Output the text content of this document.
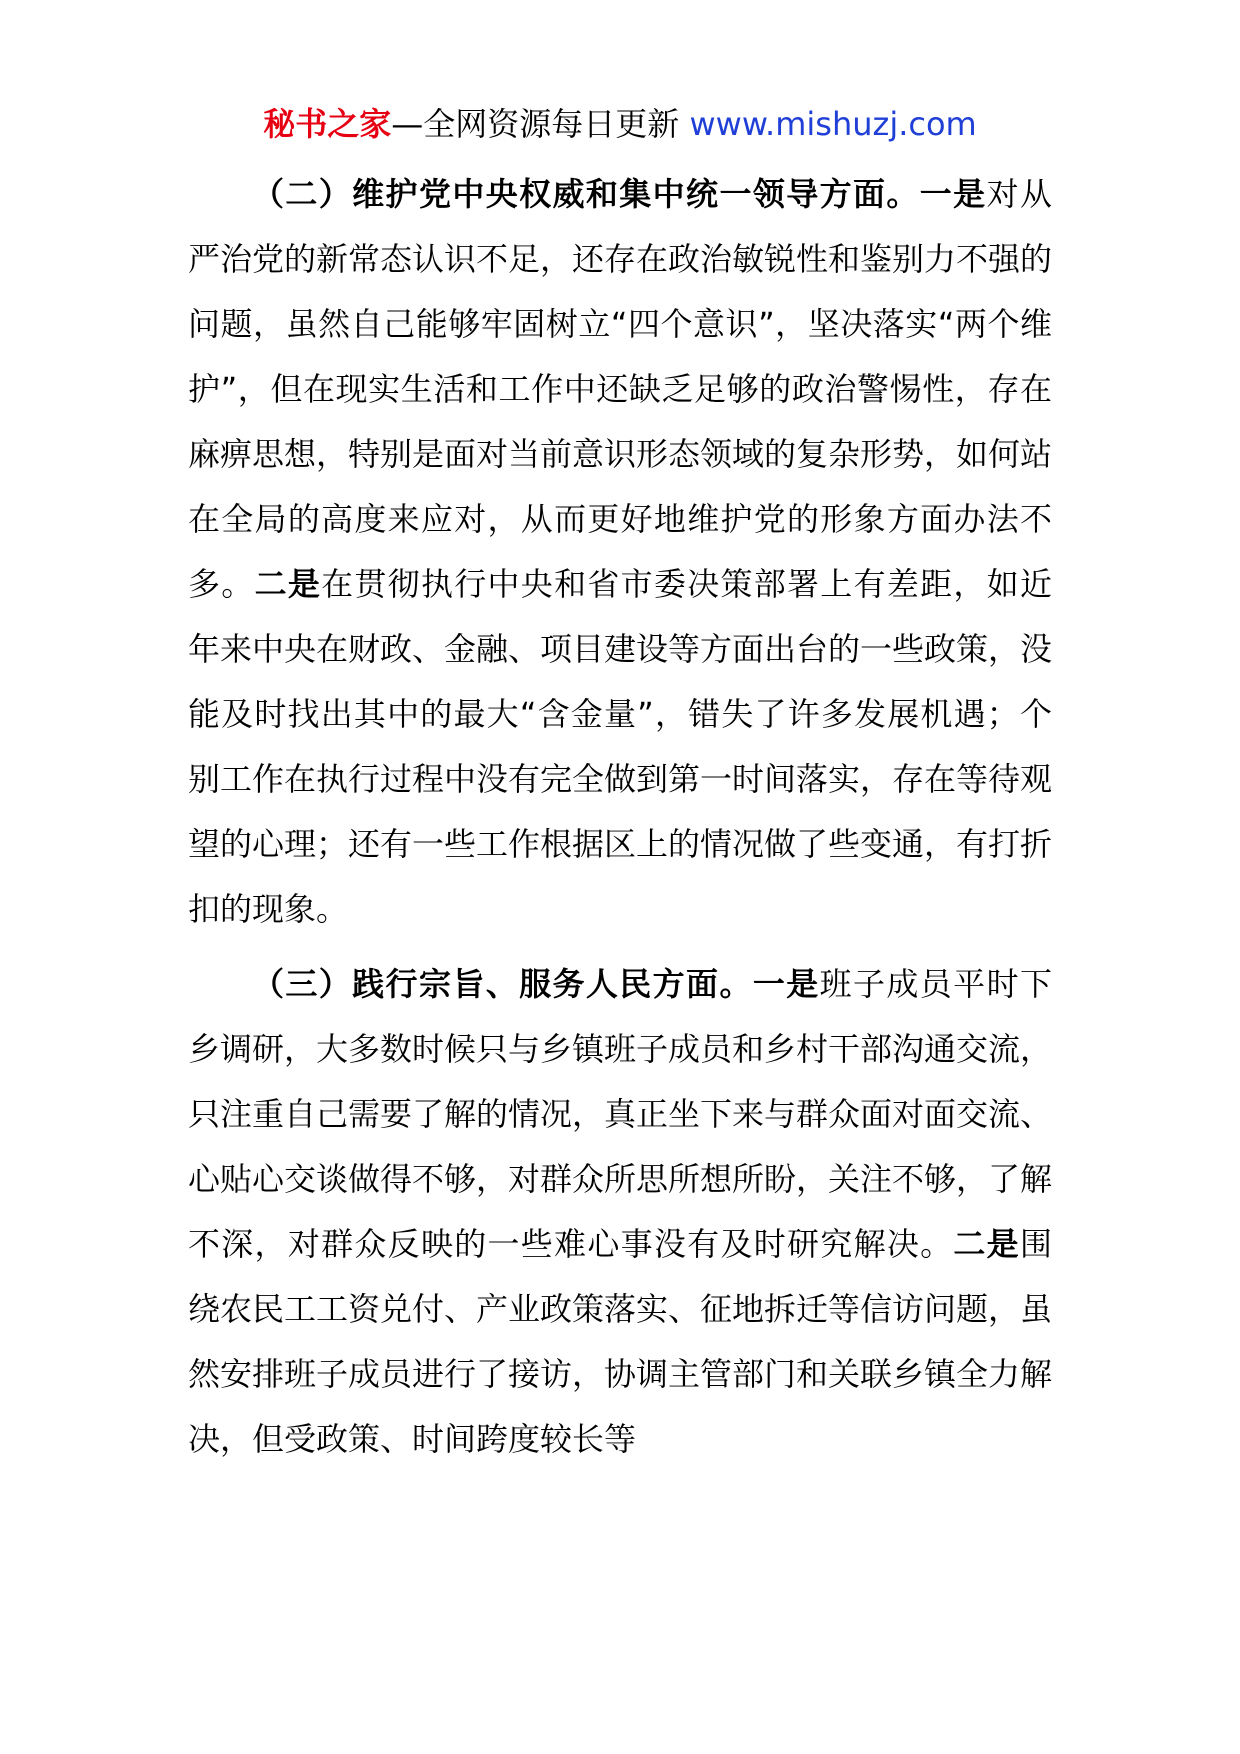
秘书之家—全网资源每日更新 www.mishuzj.com

（二）维护党中央权威和集中统一领导方面。一是对从严治党的新常态认识不足，还存在政治敏锐性和鉴别力不强的问题，虽然自己能够牢固树立“四个意识”，坚决落实“两个维护”，但在现实生活和工作中还缺乏足够的政治警惕性，存在麻痹思想，特别是面对当前意识形态领域的复杂形势，如何站在全局的高度来应对，从而更好地维护党的形象方面办法不多。二是在贯彻执行中央和省市委决策部署上有差距，如近年来中央在财政、金融、项目建设等方面出台的一些政策，没能及时找出其中的最大“含金量”，错失了许多发展机遇；个别工作在执行过程中没有完全做到第一时间落实，存在等待观望的心理；还有一些工作根据区上的情况做了些变通，有打折扣的现象。

（三）践行宗旨、服务人民方面。一是班子成员平时下乡调研，大多数时候只与乡镇班子成员和乡村干部沟通交流，只注重自己需要了解的情况，真正坐下来与群众面对面交流、心贴心交谈做得不够，对群众所思所想所盼，关注不够，了解不深，对群众反映的一些难心事没有及时研究解决。二是围绕农民工工资兑付、产业政策落实、征地拆迁等信访问题，虽然安排班子成员进行了接访，协调主管部门和关联乡镇全力解决，但受政策、时间跨度较长等
